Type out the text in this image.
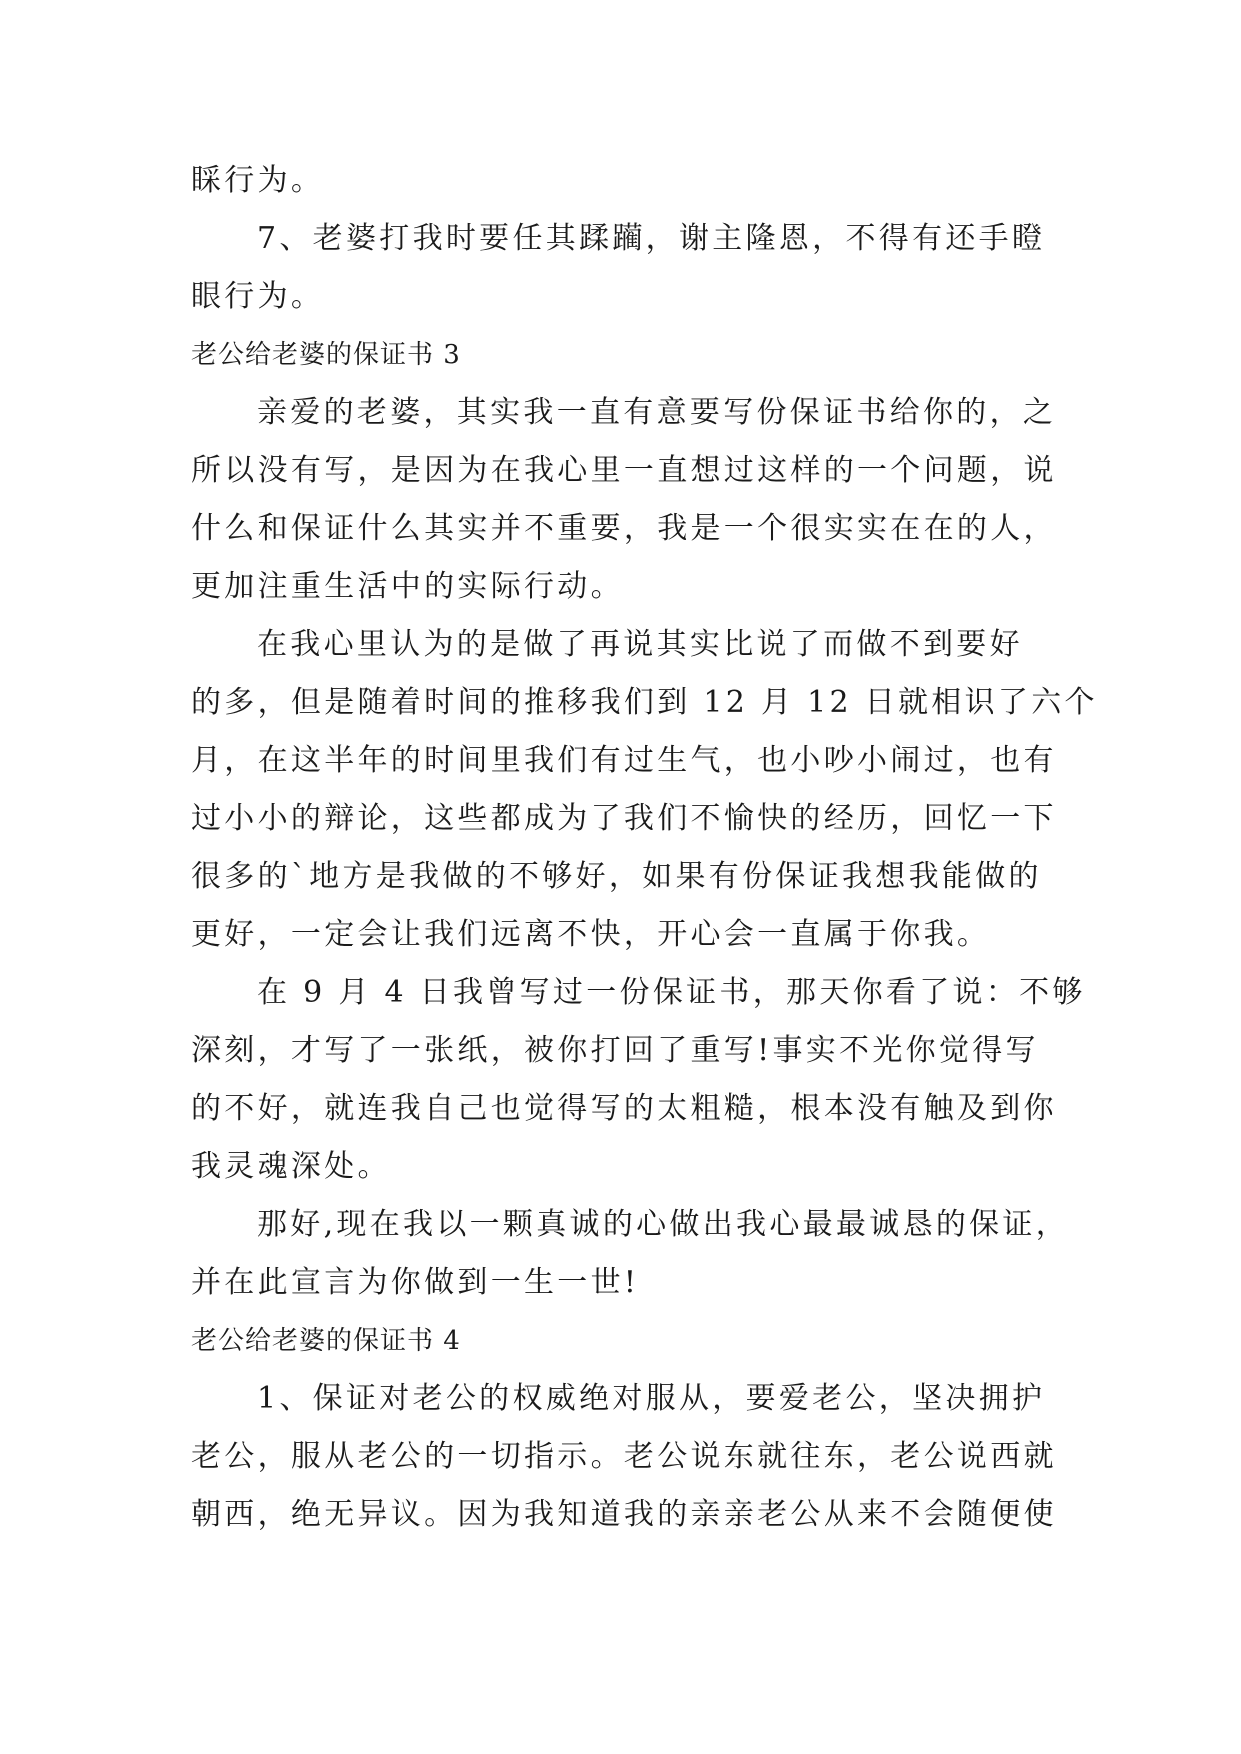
睬行为。
7、老婆打我时要任其蹂躏，谢主隆恩，不得有还手瞪
眼行为。
老公给老婆的保证书 3
亲爱的老婆，其实我一直有意要写份保证书给你的，之
所以没有写，是因为在我心里一直想过这样的一个问题，说
什么和保证什么其实并不重要，我是一个很实实在在的人，
更加注重生活中的实际行动。
在我心里认为的是做了再说其实比说了而做不到要好
的多，但是随着时间的推移我们到 12 月 12 日就相识了六个
月，在这半年的时间里我们有过生气，也小吵小闹过，也有
过小小的辩论，这些都成为了我们不愉快的经历，回忆一下
很多的`地方是我做的不够好，如果有份保证我想我能做的
更好，一定会让我们远离不快，开心会一直属于你我。
在 9 月 4 日我曾写过一份保证书，那天你看了说：不够
深刻，才写了一张纸，被你打回了重写!事实不光你觉得写
的不好，就连我自己也觉得写的太粗糙，根本没有触及到你
我灵魂深处。
那好,现在我以一颗真诚的心做出我心最最诚恳的保证，
并在此宣言为你做到一生一世!
老公给老婆的保证书 4
1、保证对老公的权威绝对服从，要爱老公，坚决拥护
老公，服从老公的一切指示。老公说东就往东，老公说西就
朝西，绝无异议。因为我知道我的亲亲老公从来不会随便使
